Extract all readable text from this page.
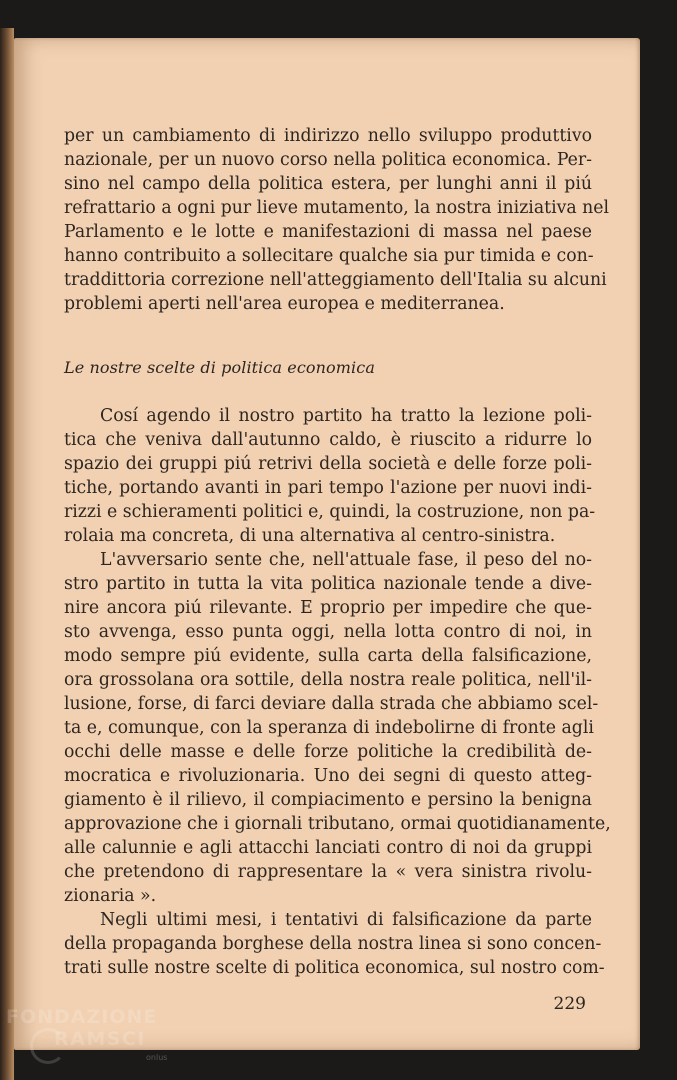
per un cambiamento di indirizzo nello sviluppo produttivo
nazionale, per un nuovo corso nella politica economica. Per-
sino nel campo della politica estera, per lunghi anni il piú
refrattario a ogni pur lieve mutamento, la nostra iniziativa nel
Parlamento e le lotte e manifestazioni di massa nel paese
hanno contribuito a sollecitare qualche sia pur timida e con-
traddittoria correzione nell'atteggiamento dell'Italia su alcuni
problemi aperti nell'area europea e mediterranea.
Le nostre scelte di politica economica
Cosí agendo il nostro partito ha tratto la lezione poli-
tica che veniva dall'autunno caldo, è riuscito a ridurre lo
spazio dei gruppi piú retrivi della società e delle forze poli-
tiche, portando avanti in pari tempo l'azione per nuovi indi-
rizzi e schieramenti politici e, quindi, la costruzione, non pa-
rolaia ma concreta, di una alternativa al centro-sinistra.
L'avversario sente che, nell'attuale fase, il peso del no-
stro partito in tutta la vita politica nazionale tende a dive-
nire ancora piú rilevante. E proprio per impedire che que-
sto avvenga, esso punta oggi, nella lotta contro di noi, in
modo sempre piú evidente, sulla carta della falsificazione,
ora grossolana ora sottile, della nostra reale politica, nell'il-
lusione, forse, di farci deviare dalla strada che abbiamo scel-
ta e, comunque, con la speranza di indebolirne di fronte agli
occhi delle masse e delle forze politiche la credibilità de-
mocratica e rivoluzionaria. Uno dei segni di questo atteg-
giamento è il rilievo, il compiacimento e persino la benigna
approvazione che i giornali tributano, ormai quotidianamente,
alle calunnie e agli attacchi lanciati contro di noi da gruppi
che pretendono di rappresentare la « vera sinistra rivolu-
zionaria ».
Negli ultimi mesi, i tentativi di falsificazione da parte
della propaganda borghese della nostra linea si sono concen-
trati sulle nostre scelte di politica economica, sul nostro com-
229
FONDAZIONE
RAMSCI
onlus
